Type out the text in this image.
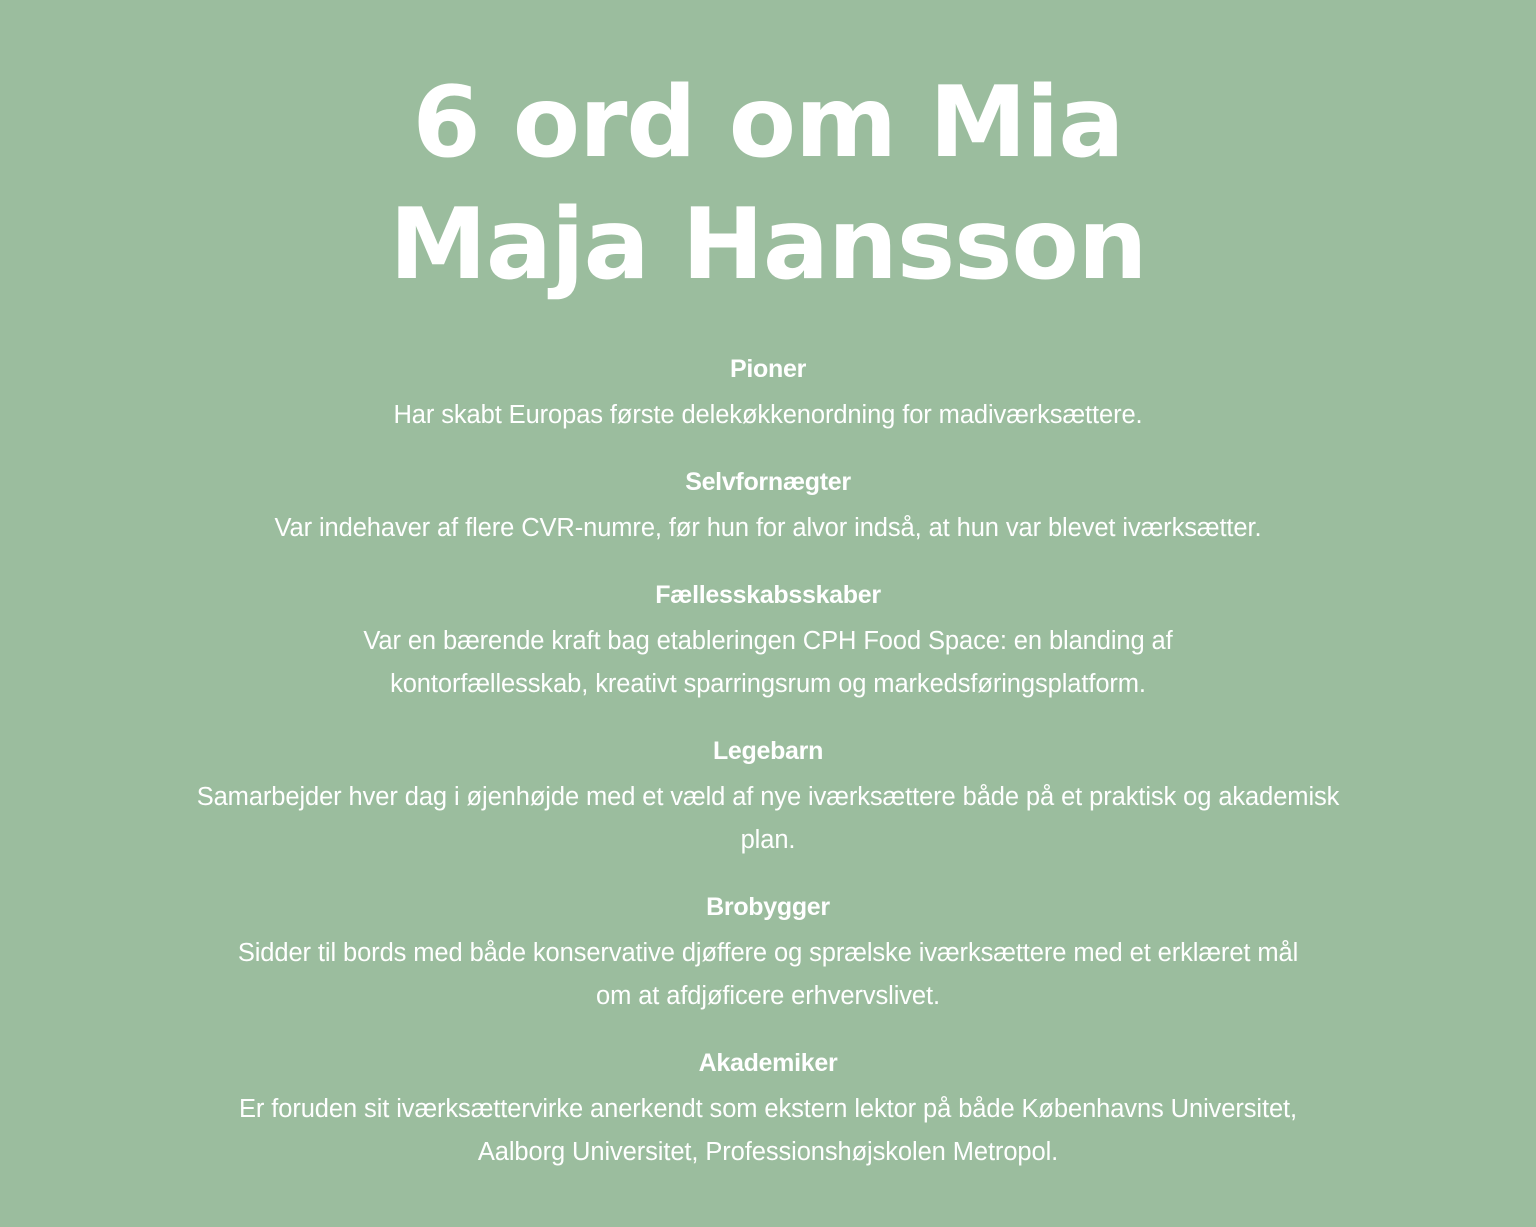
6 ord om Mia Maja Hansson

Pioner

Har skabt Europas første delekøkkenordning for madiværksættere.

Selvfornægter

Var indehaver af flere CVR-numre, før hun for alvor indså, at hun var blevet iværksætter.

Fællesskabsskaber

Var en bærende kraft bag etableringen CPH Food Space: en blanding af kontorfællesskab, kreativt sparringsrum og markedsføringsplatform.

Legebarn

Samarbejder hver dag i øjenhøjde med et væld af nye iværksættere både på et praktisk og akademisk plan.

Brobygger

Sidder til bords med både konservative djøffere og sprælske iværksættere med et erklæret mål om at afdjøficere erhvervslivet.

Akademiker

Er foruden sit iværksættervirke anerkendt som ekstern lektor på både Københavns Universitet, Aalborg Universitet, Professionshøjskolen Metropol.
